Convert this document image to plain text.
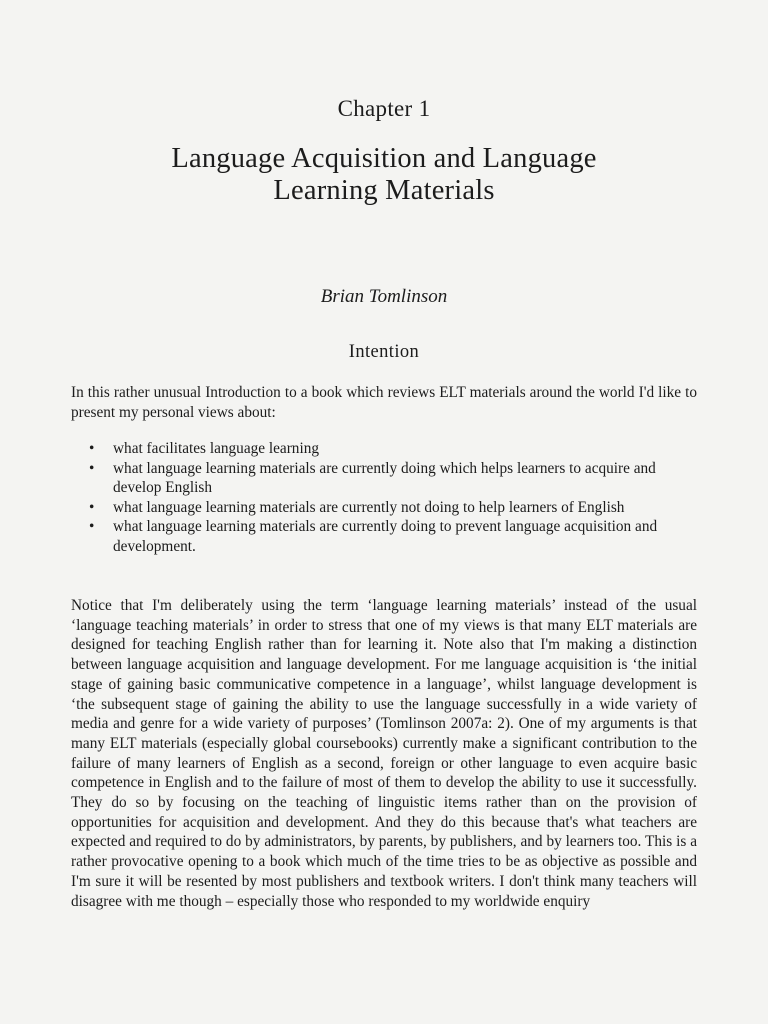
Chapter 1
Language Acquisition and Language
Learning Materials
Brian Tomlinson
Intention

In this rather unusual Introduction to a book which reviews ELT materials around the world I'd like to present my personal views about:

• what facilitates language learning
• what language learning materials are currently doing which helps learners to acquire and develop English
• what language learning materials are currently not doing to help learners of English
• what language learning materials are currently doing to prevent language acquisition and development.

Notice that I'm deliberately using the term ‘language learning materials’ instead of the usual ‘language teaching materials’ in order to stress that one of my views is that many ELT materials are designed for teaching English rather than for learning it. Note also that I'm making a distinction between language acquisition and language development. For me language acquisition is ‘the initial stage of gaining basic communicative competence in a language’, whilst language development is ‘the subsequent stage of gaining the ability to use the language successfully in a wide variety of media and genre for a wide variety of purposes’ (Tomlinson 2007a: 2). One of my arguments is that many ELT materials (especially global coursebooks) currently make a significant contribution to the failure of many learners of English as a second, foreign or other language to even acquire basic competence in English and to the failure of most of them to develop the ability to use it successfully. They do so by focusing on the teaching of linguistic items rather than on the provision of opportunities for acquisition and development. And they do this because that's what teachers are expected and required to do by administrators, by parents, by publishers, and by learners too. This is a rather provocative opening to a book which much of the time tries to be as objective as possible and I'm sure it will be resented by most publishers and textbook writers. I don't think many teachers will disagree with me though – especially those who responded to my worldwide enquiry
